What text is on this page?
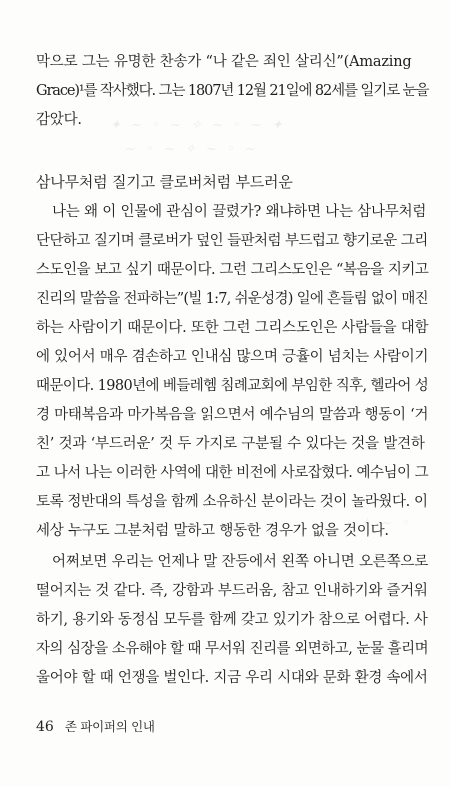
✦ ~ ◦ ~ ✧ ~ ◦ ~ ✦
~ ◦ ~ ✧ ~ ◦ ~
✧ ~ ◦
막으로 그는 유명한 찬송가 “나 같은 죄인 살리신”(Amazing
Grace)¹를 작사했다. 그는 1807년 12월 21일에 82세를 일기로 눈을
감았다.
삼나무처럼 질기고 클로버처럼 부드러운
나는 왜 이 인물에 관심이 끌렸가? 왜냐하면 나는 삼나무처럼
단단하고 질기며 클로버가 덮인 들판처럼 부드럽고 향기로운 그리
스도인을 보고 싶기 때문이다. 그런 그리스도인은 “복음을 지키고
진리의 말씀을 전파하는”(빌 1:7, 쉬운성경) 일에 흔들림 없이 매진
하는 사람이기 때문이다. 또한 그런 그리스도인은 사람들을 대함
에 있어서 매우 겸손하고 인내심 많으며 긍휼이 넘치는 사람이기
때문이다. 1980년에 베들레헴 침례교회에 부임한 직후, 헬라어 성
경 마태복음과 마가복음을 읽으면서 예수님의 말씀과 행동이 ‘거
친’ 것과 ‘부드러운’ 것 두 가지로 구분될 수 있다는 것을 발견하
고 나서 나는 이러한 사역에 대한 비전에 사로잡혔다. 예수님이 그
토록 정반대의 특성을 함께 소유하신 분이라는 것이 놀라웠다. 이
세상 누구도 그분처럼 말하고 행동한 경우가 없을 것이다.
어쩌보면 우리는 언제나 말 잔등에서 왼쪽 아니면 오른쪽으로
떨어지는 것 같다. 즉, 강함과 부드러움, 참고 인내하기와 즐거워
하기, 용기와 동정심 모두를 함께 갖고 있기가 참으로 어렵다. 사
자의 심장을 소유해야 할 때 무서워 진리를 외면하고, 눈물 흘리며
울어야 할 때 언쟁을 벌인다. 지금 우리 시대와 문화 환경 속에서
46 존 파이퍼의 인내
